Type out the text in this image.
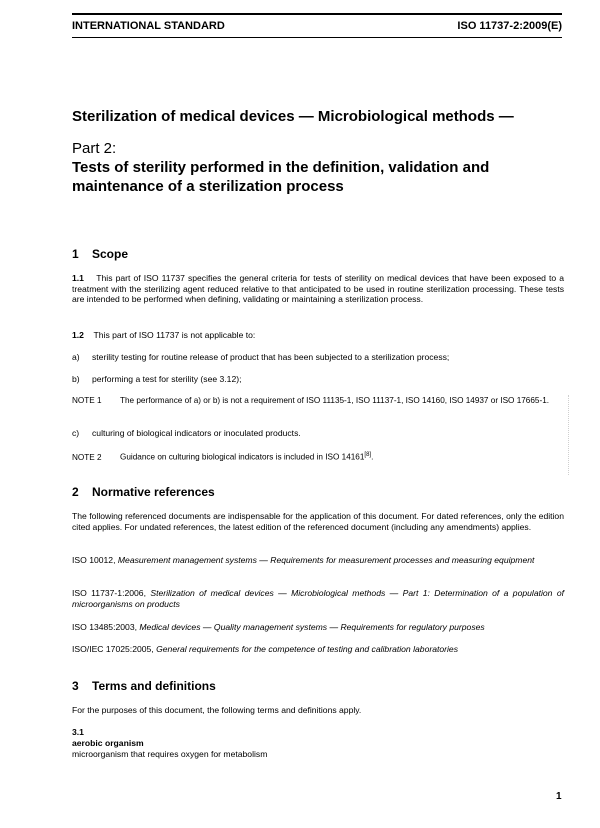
INTERNATIONAL STANDARD	ISO 11737-2:2009(E)
Sterilization of medical devices — Microbiological methods —
Part 2:
Tests of sterility performed in the definition, validation and maintenance of a sterilization process
1 Scope
1.1 This part of ISO 11737 specifies the general criteria for tests of sterility on medical devices that have been exposed to a treatment with the sterilizing agent reduced relative to that anticipated to be used in routine sterilization processing. These tests are intended to be performed when defining, validating or maintaining a sterilization process.
1.2 This part of ISO 11737 is not applicable to:
a) sterility testing for routine release of product that has been subjected to a sterilization process;
b) performing a test for sterility (see 3.12);
NOTE 1 The performance of a) or b) is not a requirement of ISO 11135-1, ISO 11137-1, ISO 14160, ISO 14937 or ISO 17665-1.
c) culturing of biological indicators or inoculated products.
NOTE 2 Guidance on culturing biological indicators is included in ISO 14161[8].
2 Normative references
The following referenced documents are indispensable for the application of this document. For dated references, only the edition cited applies. For undated references, the latest edition of the referenced document (including any amendments) applies.
ISO 10012, Measurement management systems — Requirements for measurement processes and measuring equipment
ISO 11737-1:2006, Sterilization of medical devices — Microbiological methods — Part 1: Determination of a population of microorganisms on products
ISO 13485:2003, Medical devices — Quality management systems — Requirements for regulatory purposes
ISO/IEC 17025:2005, General requirements for the competence of testing and calibration laboratories
3 Terms and definitions
For the purposes of this document, the following terms and definitions apply.
3.1
aerobic organism
microorganism that requires oxygen for metabolism
1
